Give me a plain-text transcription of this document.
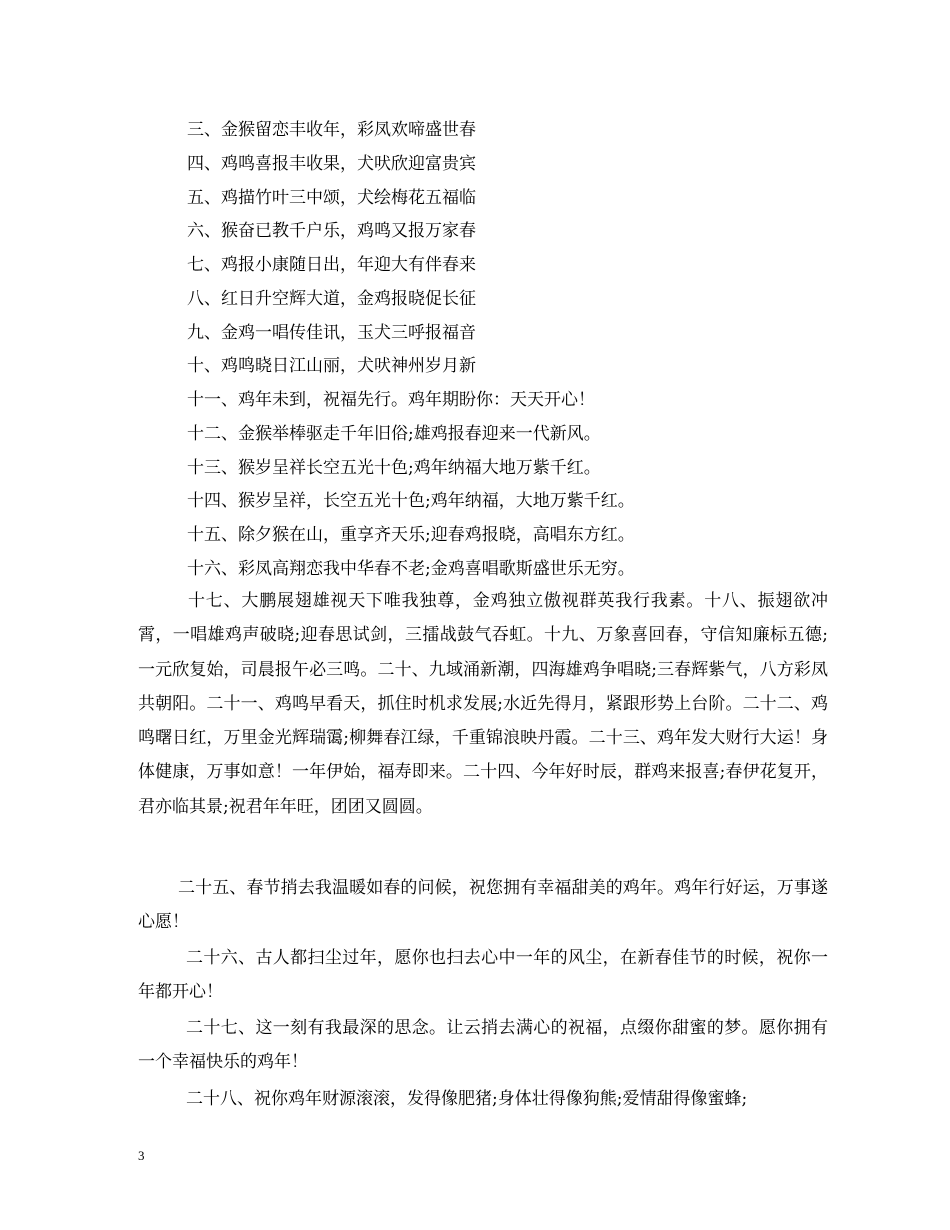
三、金猴留恋丰收年，彩凤欢啼盛世春
四、鸡鸣喜报丰收果，犬吠欣迎富贵宾
五、鸡描竹叶三中颂，犬绘梅花五福临
六、猴奋已教千户乐，鸡鸣又报万家春
七、鸡报小康随日出，年迎大有伴春来
八、红日升空辉大道，金鸡报晓促长征
九、金鸡一唱传佳讯，玉犬三呼报福音
十、鸡鸣晓日江山丽，犬吠神州岁月新
十一、鸡年未到，祝福先行。鸡年期盼你：天天开心！
十二、金猴举棒驱走千年旧俗;雄鸡报春迎来一代新风。
十三、猴岁呈祥长空五光十色;鸡年纳福大地万紫千红。
十四、猴岁呈祥，长空五光十色;鸡年纳福，大地万紫千红。
十五、除夕猴在山，重享齐天乐;迎春鸡报晓，高唱东方红。
十六、彩凤高翔恋我中华春不老;金鸡喜唱歌斯盛世乐无穷。

十七、大鹏展翅雄视天下唯我独尊，金鸡独立傲视群英我行我素。十八、振翅欲冲霄，一唱雄鸡声破晓;迎春思试剑，三擂战鼓气吞虹。十九、万象喜回春，守信知廉标五德;一元欣复始，司晨报午必三鸣。二十、九域涌新潮，四海雄鸡争唱晓;三春辉紫气，八方彩凤共朝阳。二十一、鸡鸣早看天，抓住时机求发展;水近先得月，紧跟形势上台阶。二十二、鸡鸣曙日红，万里金光辉瑞霭;柳舞春江绿，千重锦浪映丹霞。二十三、鸡年发大财行大运！身体健康，万事如意！一年伊始，福寿即来。二十四、今年好时辰，群鸡来报喜;春伊花复开，君亦临其景;祝君年年旺，团团又圆圆。

二十五、春节捎去我温暖如春的问候，祝您拥有幸福甜美的鸡年。鸡年行好运，万事遂心愿！

二十六、古人都扫尘过年，愿你也扫去心中一年的风尘，在新春佳节的时候，祝你一年都开心！

二十七、这一刻有我最深的思念。让云捎去满心的祝福，点缀你甜蜜的梦。愿你拥有一个幸福快乐的鸡年！

二十八、祝你鸡年财源滚滚，发得像肥猪;身体壮得像狗熊;爱情甜得像蜜蜂;

3
